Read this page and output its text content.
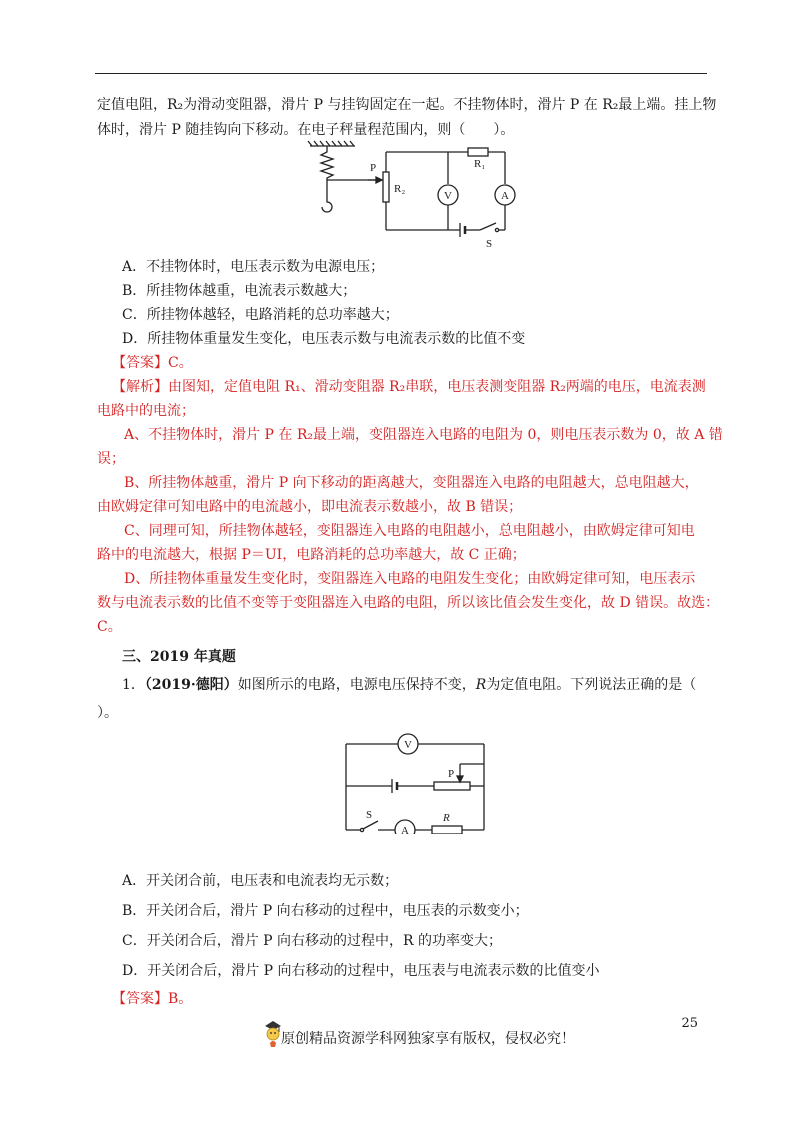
定值电阻，R₂为滑动变阻器，滑片 P 与挂钩固定在一起。不挂物体时，滑片 P 在 R₂最上端。挂上物
体时，滑片 P 随挂钩向下移动。在电子秤量程范围内，则（　　）。
P
R₂
R₁
V	A
S
A．不挂物体时，电压表示数为电源电压；
B．所挂物体越重，电流表示数越大；
C．所挂物体越轻，电路消耗的总功率越大；
D．所挂物体重量发生变化，电压表示数与电流表示数的比值不变
【答案】C。
【解析】由图知，定值电阻 R₁、滑动变阻器 R₂串联，电压表测变阻器 R₂两端的电压，电流表测
电路中的电流；
　A、不挂物体时，滑片 P 在 R₂最上端，变阻器连入电路的电阻为 0，则电压表示数为 0，故 A 错
误；
　B、所挂物体越重，滑片 P 向下移动的距离越大，变阻器连入电路的电阻越大，总电阻越大，
由欧姆定律可知电路中的电流越小，即电流表示数越小，故 B 错误；
　C、同理可知，所挂物体越轻，变阻器连入电路的电阻越小，总电阻越小，由欧姆定律可知电
路中的电流越大，根据 P＝UI，电路消耗的总功率越大，故 C 正确；
　D、所挂物体重量发生变化时，变阻器连入电路的电阻发生变化；由欧姆定律可知，电压表示
数与电流表示数的比值不变等于变阻器连入电路的电阻，所以该比值会发生变化，故 D 错误。故选：
C。
三、2019 年真题
1．（2019·德阳）如图所示的电路，电源电压保持不变，R为定值电阻。下列说法正确的是（
）。
V
P
S
A
R
A．开关闭合前，电压表和电流表均无示数；
B．开关闭合后，滑片 P 向右移动的过程中，电压表的示数变小；
C．开关闭合后，滑片 P 向右移动的过程中，R 的功率变大；
D．开关闭合后，滑片 P 向右移动的过程中，电压表与电流表示数的比值变小
【答案】B。
25
原创精品资源学科网独家享有版权，侵权必究！
